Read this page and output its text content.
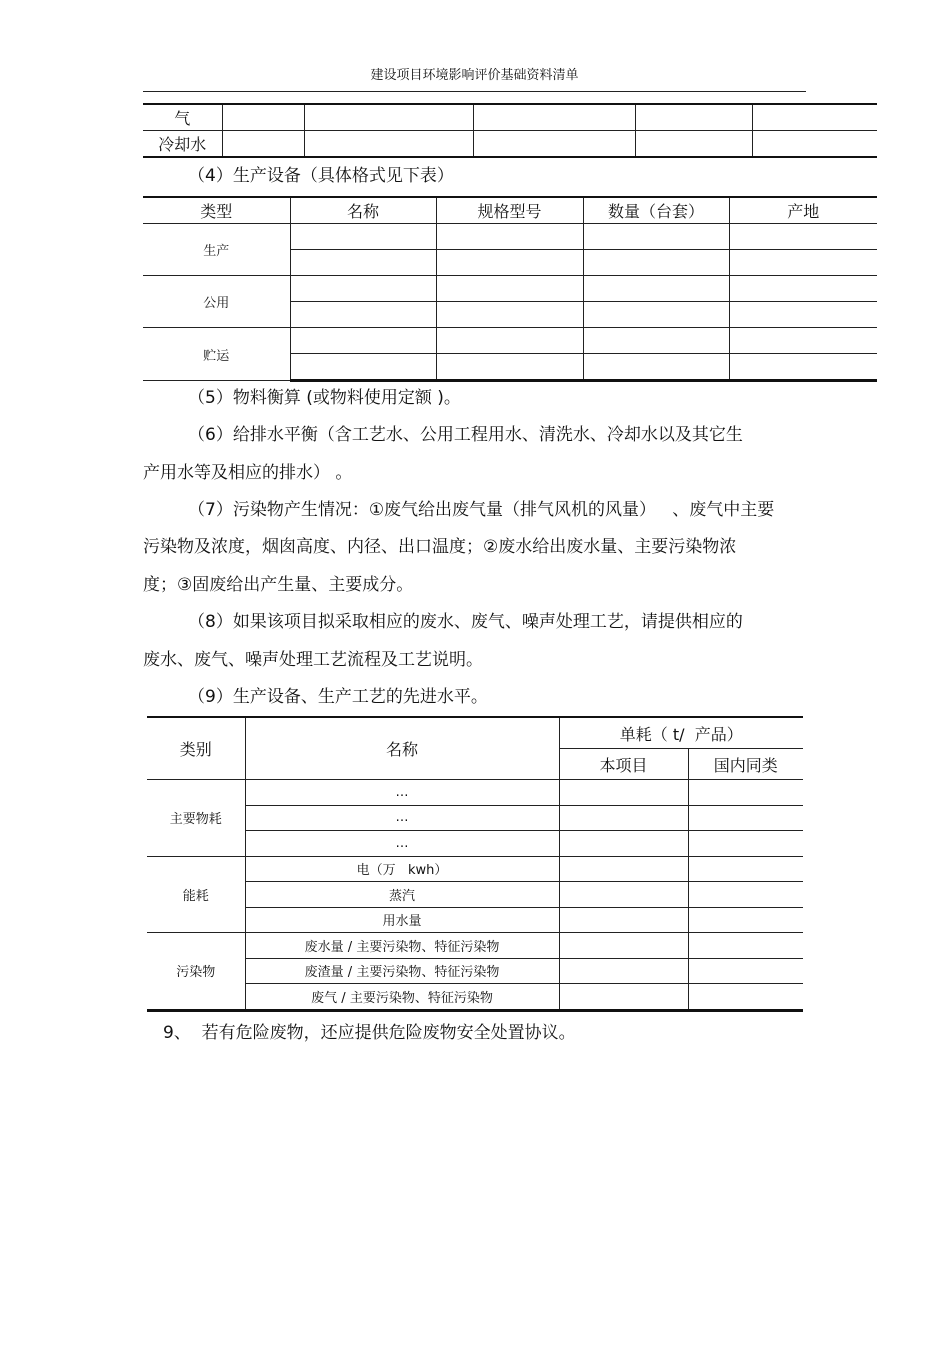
建设项目环境影响评价基础资料清单
气					
冷却水					
（4）生产设备（具体格式见下表）
类型	名称	规格型号	数量（台套）	产地
生产				

公用				

贮运				

（5）物料衡算 (或物料使用定额 )。
（6）给排水平衡（含工艺水、公用工程用水、清洗水、冷却水以及其它生
产用水等及相应的排水） 。
（7）污染物产生情况：①废气给出废气量（排气风机的风量）   、废气中主要
污染物及浓度，烟囱高度、内径、出口温度；②废水给出废水量、主要污染物浓
度；③固废给出产生量、主要成分。
（8）如果该项目拟采取相应的废水、废气、噪声处理工艺，请提供相应的
废水、废气、噪声处理工艺流程及工艺说明。
（9）生产设备、生产工艺的先进水平。
类别	名称	单耗（ t/  产品）	
		本项目	国内同类
主要物耗	…		
	…		
	…		
能耗	电（万   kwh）		
	蒸汽		
	用水量		
污染物	废水量 / 主要污染物、特征污染物		
	废渣量 / 主要污染物、特征污染物		
	废气 / 主要污染物、特征污染物		
9、  若有危险废物，还应提供危险废物安全处置协议。
